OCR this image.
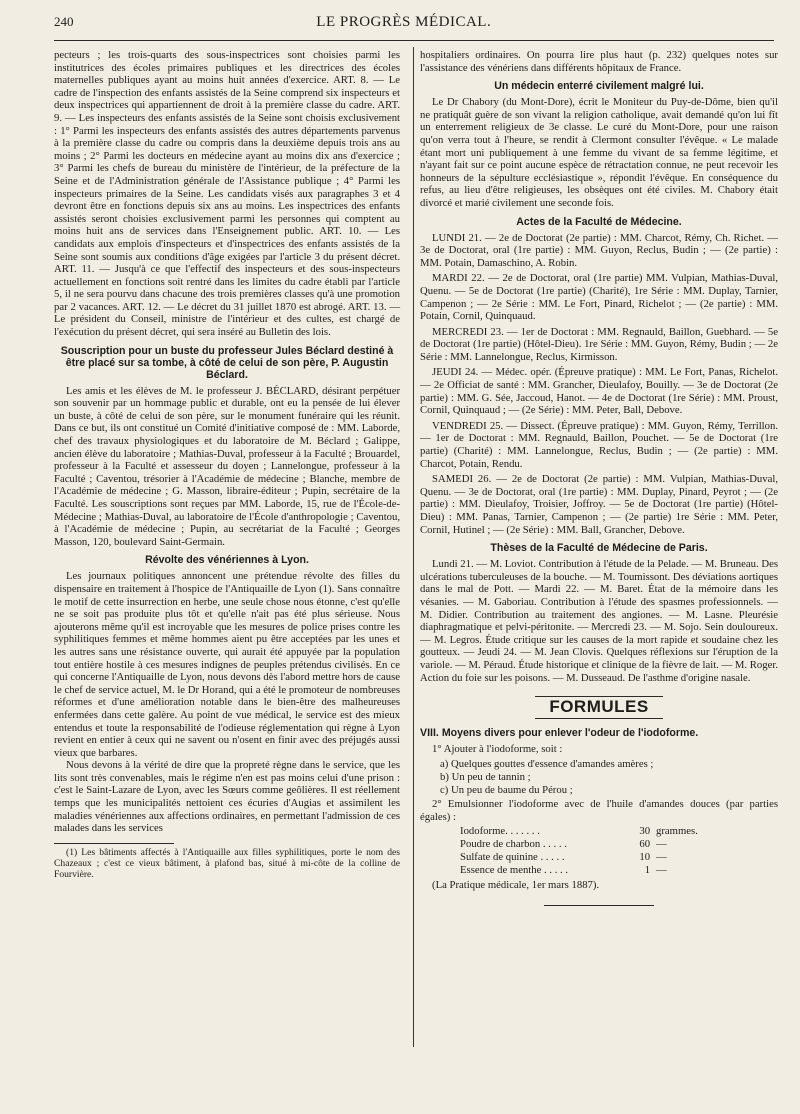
240	LE PROGRÈS MÉDICAL.

pecteurs ; les trois-quarts des sous-inspectrices sont choisies parmi les institutrices des écoles primaires publiques et les directrices des écoles maternelles publiques ayant au moins huit années d'exercice. ART. 8. — Le cadre de l'inspection des enfants assistés de la Seine comprend six inspecteurs et deux inspectrices qui appartiennent de droit à la première classe du cadre. ART. 9. — Les inspecteurs des enfants assistés de la Seine sont choisis exclusivement : 1° Parmi les inspecteurs des enfants assistés des autres départements parvenus à la première classe du cadre ou compris dans la deuxième depuis trois ans au moins ; 2° Parmi les docteurs en médecine ayant au moins dix ans d'exercice ; 3° Parmi les chefs de bureau du ministère de l'intérieur, de la préfecture de la Seine et de l'Administration générale de l'Assistance publique ; 4° Parmi les inspecteurs primaires de la Seine. Les candidats visés aux paragraphes 3 et 4 devront être en fonctions depuis six ans au moins. Les inspectrices des enfants assistés seront choisies exclusivement parmi les personnes qui comptent au moins huit ans de services dans l'Enseignement public. ART. 10. — Les candidats aux emplois d'inspecteurs et d'inspectrices des enfants assistés de la Seine sont soumis aux conditions d'âge exigées par l'article 3 du présent décret. ART. 11. — Jusqu'à ce que l'effectif des inspecteurs et des sous-inspecteurs actuellement en fonctions soit rentré dans les limites du cadre établi par l'article 5, il ne sera pourvu dans chacune des trois premières classes qu'à une promotion par 2 vacances. ART. 12. — Le décret du 31 juillet 1870 est abrogé. ART. 13. — Le président du Conseil, ministre de l'intérieur et des cultes, est chargé de l'exécution du présent décret, qui sera inséré au Bulletin des lois.

Souscription pour un buste du professeur Jules Béclard destiné à être placé sur sa tombe, à côté de celui de son père, P. Augustin Béclard.

Les amis et les élèves de M. le professeur J. BÉCLARD, désirant perpétuer son souvenir par un hommage public et durable, ont eu la pensée de lui élever un buste, à côté de celui de son père, sur le monument funéraire qui les réunit. Dans ce but, ils ont constitué un Comité d'initiative composé de : MM. Laborde, chef des travaux physiologiques et du laboratoire de M. Béclard ; Galippe, ancien élève du laboratoire ; Mathias-Duval, professeur à la Faculté ; Brouardel, professeur à la Faculté et assesseur du doyen ; Lannelongue, professeur à la Faculté ; Caventou, trésorier à l'Académie de médecine ; Blanche, membre de l'Académie de médecine ; G. Masson, libraire-éditeur ; Pupin, secrétaire de la Faculté. Les souscriptions sont reçues par MM. Laborde, 15, rue de l'École-de-Médecine ; Mathias-Duval, au laboratoire de l'École d'anthropologie ; Caventou, à l'Académie de médecine ; Pupin, au secrétariat de la Faculté ; Georges Masson, 120, boulevard Saint-Germain.

Révolte des vénériennes à Lyon.

Les journaux politiques annoncent une prétendue révolte des filles du dispensaire en traitement à l'hospice de l'Antiquaille de Lyon (1). Sans connaître le motif de cette insurrection en herbe, une seule chose nous étonne, c'est qu'elle ne se soit pas produite plus tôt et qu'elle n'ait pas été plus sérieuse. Nous ajouterons même qu'il est incroyable que les mesures de police prises contre les syphilitiques femmes et même hommes aient pu être acceptées par les unes et les autres sans une résistance ouverte, qui aurait été appuyée par la population tout entière hostile à ces mesures indignes de peuples prétendus civilisés. En ce qui concerne l'Antiquaille de Lyon, nous devons dès l'abord mettre hors de cause le chef de service actuel, M. le Dr Horand, qui a été le promoteur de nombreuses réformes et d'une amélioration notable dans le bien-être des malheureuses enfermées dans cette galère. Au point de vue médical, le service est des mieux entendus et toute la responsabilité de l'odieuse réglementation qui règne à Lyon revient en entier à ceux qui ne savent ou n'osent en finir avec des préjugés aussi vieux que barbares.

Nous devons à la vérité de dire que la propreté règne dans le service, que les lits sont très convenables, mais le régime n'en est pas moins celui d'une prison : c'est le Saint-Lazare de Lyon, avec les Sœurs comme geôlières. Il est réellement temps que les municipalités nettoient ces écuries d'Augias et assimilent les maladies vénériennes aux affections ordinaires, en permettant l'admission de ces malades dans les services

(1) Les bâtiments affectés à l'Antiquaille aux filles syphilitiques, porte le nom des Chazeaux ; c'est ce vieux bâtiment, à plafond bas, situé à mi-côte de la colline de Fourvière.

hospitaliers ordinaires. On pourra lire plus haut (p. 232) quelques notes sur l'assistance des vénériens dans différents hôpitaux de France.

Un médecin enterré civilement malgré lui.

Le Dr Chabory (du Mont-Dore), écrit le Moniteur du Puy-de-Dôme, bien qu'il ne pratiquât guère de son vivant la religion catholique, avait demandé qu'on lui fît un enterrement religieux de 3e classe. Le curé du Mont-Dore, pour une raison qu'on verra tout à l'heure, se rendit à Clermont consulter l'évêque. « Le malade étant mort uni publiquement à une femme du vivant de sa femme légitime, et n'ayant fait sur ce point aucune espèce de rétractation connue, ne peut recevoir les honneurs de la sépulture ecclésiastique », répondit l'évêque. En conséquence du refus, au lieu d'être religieuses, les obsèques ont été civiles. M. Chabory était divorcé et marié civilement une seconde fois.

Actes de la Faculté de Médecine.

LUNDI 21. — 2e de Doctorat (2e partie) : MM. Charcot, Rémy, Ch. Richet. — 3e de Doctorat, oral (1re partie) : MM. Guyon, Reclus, Budin ; — (2e partie) : MM. Potain, Damaschino, A. Robin.

MARDI 22. — 2e de Doctorat, oral (1re partie) MM. Vulpian, Mathias-Duval, Quenu. — 5e de Doctorat (1re partie) (Charité), 1re Série : MM. Duplay, Tarnier, Campenon ; — 2e Série : MM. Le Fort, Pinard, Richelot ; — (2e partie) : MM. Potain, Cornil, Quinquaud.

MERCREDI 23. — 1er de Doctorat : MM. Regnauld, Baillon, Guebhard. — 5e de Doctorat (1re partie) (Hôtel-Dieu). 1re Série : MM. Guyon, Rémy, Budin ; — 2e Série : MM. Lannelongue, Reclus, Kirmisson.

JEUDI 24. — Médec. opér. (Épreuve pratique) : MM. Le Fort, Panas, Richelot. — 2e Officiat de santé : MM. Grancher, Dieulafoy, Bouilly. — 3e de Doctorat (2e partie) : MM. G. Sée, Jaccoud, Hanot. — 4e de Doctorat (1re Série) : MM. Proust, Cornil, Quinquaud ; — (2e Série) : MM. Peter, Ball, Debove.

VENDREDI 25. — Dissect. (Épreuve pratique) : MM. Guyon, Rémy, Terrillon. — 1er de Doctorat : MM. Regnauld, Baillon, Pouchet. — 5e de Doctorat (1re partie) (Charité) : MM. Lannelongue, Reclus, Budin ; — (2e partie) : MM. Charcot, Potain, Rendu.

SAMEDI 26. — 2e de Doctorat (2e partie) : MM. Vulpian, Mathias-Duval, Quenu. — 3e de Doctorat, oral (1re partie) : MM. Duplay, Pinard, Peyrot ; — (2e partie) : MM. Dieulafoy, Troisier, Joffroy. — 5e de Doctorat (1re partie) (Hôtel-Dieu) : MM. Panas, Tarnier, Campenon ; — (2e partie) 1re Série : MM. Peter, Cornil, Hutinel ; — (2e Série) : MM. Ball, Grancher, Debove.

Thèses de la Faculté de Médecine de Paris.

Lundi 21. — M. Loviot. Contribution à l'étude de la Pelade. — M. Bruneau. Des ulcérations tuberculeuses de la bouche. — M. Toumissont. Des déviations aortiques dans le mal de Pott. — Mardi 22. — M. Baret. État de la mémoire dans les vésanies. — M. Gaboriau. Contribution à l'étude des spasmes professionnels. — M. Didier. Contribution au traitement des angiones. — M. Lasne. Pleurésie diaphragmatique et pelvi-péritonite. — Mercredi 23. — M. Sojo. Sein douloureux. — M. Legros. Étude critique sur les causes de la mort rapide et soudaine chez les goutteux. — Jeudi 24. — M. Jean Clovis. Quelques réflexions sur l'éruption de la variole. — M. Péraud. Étude historique et clinique de la fièvre de lait. — M. Roger. Action du foie sur les poisons. — M. Dusseaud. De l'asthme d'origine nasale.

FORMULES
VIII. Moyens divers pour enlever l'odeur de l'iodoforme.

1° Ajouter à l'iodoforme, soit :

a) Quelques gouttes d'essence d'amandes amères ;
b) Un peu de tannin ;
c) Un peu de baume du Pérou ;

2° Emulsionner l'iodoforme avec de l'huile d'amandes douces (par parties égales) :

Iodoforme. . . . . . .	30 grammes.
Poudre de charbon . . . . .	60 —
Sulfate de quinine . . . . .	10 —
Essence de menthe . . . . .	1 —

(La Pratique médicale, 1er mars 1887).
